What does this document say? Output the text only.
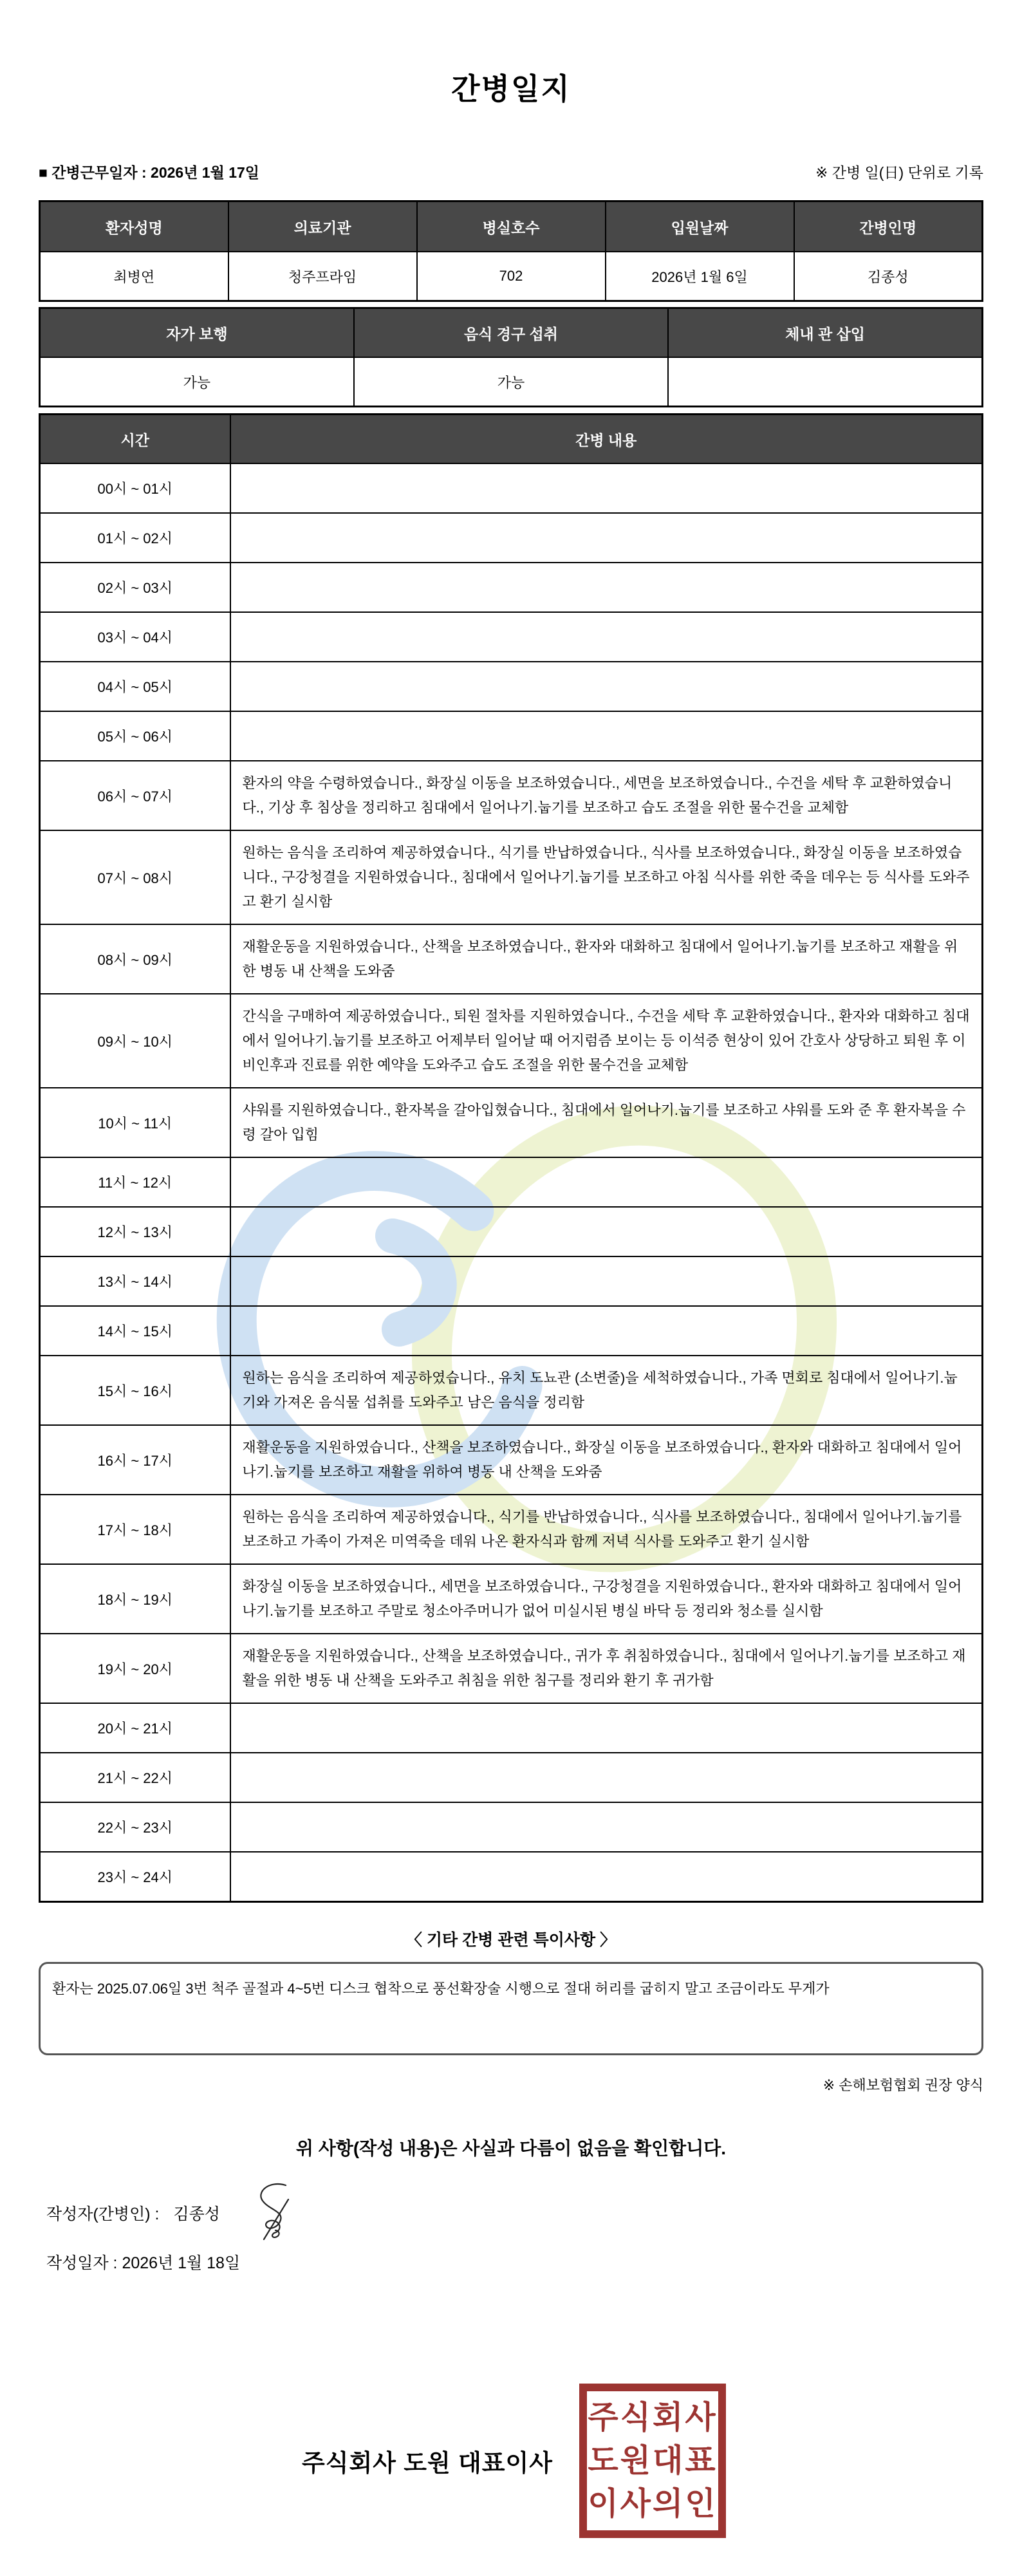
간병일지
■ 간병근무일자 : 2026년 1월 17일	※ 간병 일(日) 단위로 기록
환자성명	의료기관	병실호수	입원날짜	간병인명
최병연	청주프라임	702	2026년 1월 6일	김종성
자가 보행	음식 경구 섭취	체내 관 삽입
가능	가능	
시간	간병 내용
00시 ~ 01시	
01시 ~ 02시	
02시 ~ 03시	
03시 ~ 04시	
04시 ~ 05시	
05시 ~ 06시	
06시 ~ 07시	환자의 약을 수령하였습니다., 화장실 이동을 보조하였습니다., 세면을 보조하였습니다., 수건을 세탁 후 교환하였습니다., 기상 후 침상을 정리하고 침대에서 일어나기.눕기를 보조하고 습도 조절을 위한 물수건을 교체함
07시 ~ 08시	원하는 음식을 조리하여 제공하였습니다., 식기를 반납하였습니다., 식사를 보조하였습니다., 화장실 이동을 보조하였습니다., 구강청결을 지원하였습니다., 침대에서 일어나기.눕기를 보조하고 아침 식사를 위한 죽을 데우는 등 식사를 도와주고 환기 실시함
08시 ~ 09시	재활운동을 지원하였습니다., 산책을 보조하였습니다., 환자와 대화하고 침대에서 일어나기.눕기를 보조하고 재활을 위한 병동 내 산책을 도와줌
09시 ~ 10시	간식을 구매하여 제공하였습니다., 퇴원 절차를 지원하였습니다., 수건을 세탁 후 교환하였습니다., 환자와 대화하고 침대에서 일어나기.눕기를 보조하고 어제부터 일어날 때 어지럼즘 보이는 등 이석증 현상이 있어 간호사 상당하고 퇴원 후 이비인후과 진료를 위한 예약을 도와주고 습도 조절을 위한 물수건을 교체함
10시 ~ 11시	샤워를 지원하였습니다., 환자복을 갈아입혔습니다., 침대에서 일어나기.눕기를 보조하고 샤워를 도와 준 후 환자복을 수령 갈아 입힘
11시 ~ 12시	
12시 ~ 13시	
13시 ~ 14시	
14시 ~ 15시	
15시 ~ 16시	원하는 음식을 조리하여 제공하였습니다., 유치 도뇨관 (소변줄)을 세척하였습니다., 가족 면회로 침대에서 일어나기.눕기와 가져온 음식물 섭취를 도와주고 남은 음식을 정리함
16시 ~ 17시	재활운동을 지원하였습니다., 산책을 보조하였습니다., 화장실 이동을 보조하였습니다., 환자와 대화하고 침대에서 일어나기.눕기를 보조하고 재활을 위하여 병동 내 산책을 도와줌
17시 ~ 18시	원하는 음식을 조리하여 제공하였습니다., 식기를 반납하였습니다., 식사를 보조하였습니다., 침대에서 일어나기.눕기를 보조하고 가족이 가져온 미역죽을 데워 나온 환자식과 함께 저녁 식사를 도와주고 환기 실시함
18시 ~ 19시	화장실 이동을 보조하였습니다., 세면을 보조하였습니다., 구강청결을 지원하였습니다., 환자와 대화하고 침대에서 일어나기.눕기를 보조하고 주말로 청소아주머니가 없어 미실시된 병실 바닥 등 정리와 청소를 실시함
19시 ~ 20시	재활운동을 지원하였습니다., 산책을 보조하였습니다., 귀가 후 취침하였습니다., 침대에서 일어나기.눕기를 보조하고 재활을 위한 병동 내 산책을 도와주고 취침을 위한 침구를 정리와 환기 후 귀가함
20시 ~ 21시	
21시 ~ 22시	
22시 ~ 23시	
23시 ~ 24시	
〈 기타 간병 관련 특이사항 〉
환자는 2025.07.06일 3번 척주 골절과 4~5번 디스크 협착으로 풍선확장술 시행으로 절대 허리를 굽히지 말고 조금이라도 무게가
※ 손해보험협회 권장 양식
위 사항(작성 내용)은 사실과 다름이 없음을 확인합니다.
작성자(간병인) : 김종성
작성일자 : 2026년 1월 18일
주식회사 도원 대표이사
주식회사
도원대표
이사의인
